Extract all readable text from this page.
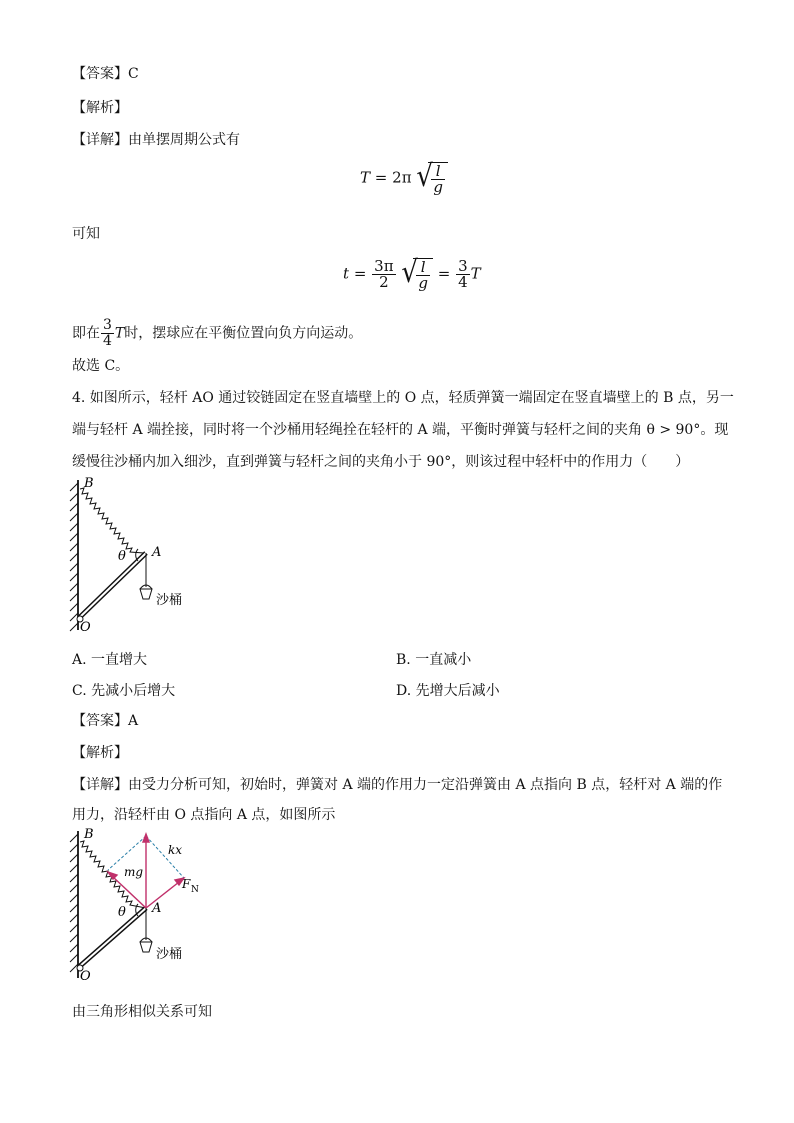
【答案】C
【解析】
【详解】由单摆周期公式有
T = 2π √
$\frac{l}{g}$
可知
$t = \frac{3\pi}{2}$
√
$\frac{l}{g} = \frac{3}{4}$ T
即在 $\frac{3}{4}$ T时，摆球应在平衡位置向负方向运动。
故选 C。
4. 如图所示，轻杆 AO 通过铰链固定在竖直墙壁上的 O 点，轻质弹簧一端固定在竖直墙壁上的 B 点，另一
端与轻杆 A 端拴接，同时将一个沙桶用轻绳拴在轻杆的 A 端，平衡时弹簧与轻杆之间的夹角 θ > 90°。现
缓慢往沙桶内加入细沙，直到弹簧与轻杆之间的夹角小于 90°，则该过程中轻杆中的作用力（　　）
B
A
O
θ
沙桶
A. 一直增大	B. 一直减小
C. 先减小后增大	D. 先增大后减小
【答案】A
【解析】
【详解】由受力分析可知，初始时，弹簧对 A 端的作用力一定沿弹簧由 A 点指向 B 点，轻杆对 A 端的作
用力，沿轻杆由 O 点指向 A 点，如图所示
B
A
O
θ
mg
kx
F N
沙桶
由三角形相似关系可知
